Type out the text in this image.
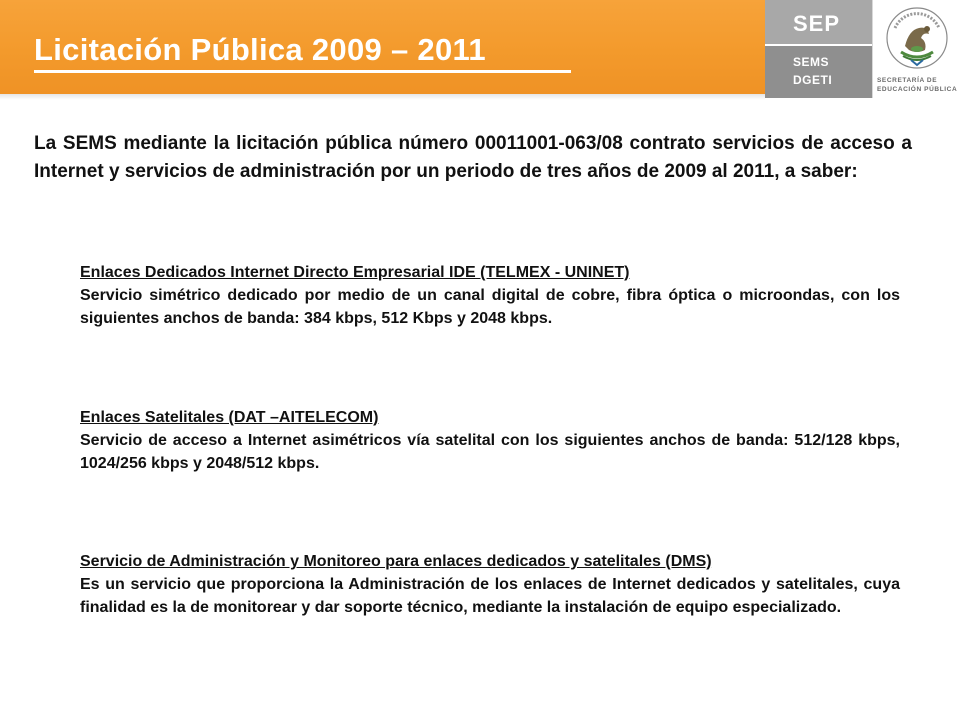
Licitación Pública 2009 – 2011
SEP
SEMS
DGETI	SECRETARÍA DE
EDUCACIÓN PÚBLICA
La SEMS mediante la licitación pública número 00011001-063/08 contrato servicios de acceso a Internet y servicios de administración por un periodo de tres años de 2009 al 2011, a saber:
Enlaces Dedicados Internet Directo Empresarial IDE (TELMEX - UNINET)
Servicio simétrico dedicado por medio de un canal digital de cobre, fibra óptica o microondas, con los siguientes anchos de banda: 384 kbps, 512 Kbps y 2048 kbps.
Enlaces Satelitales (DAT –AITELECOM)
Servicio de acceso a Internet asimétricos vía satelital con los siguientes anchos de banda: 512/128 kbps, 1024/256 kbps y 2048/512 kbps.
Servicio de Administración y Monitoreo para enlaces dedicados y satelitales (DMS)
Es un servicio que proporciona la Administración de los enlaces de Internet dedicados y satelitales, cuya finalidad es la de monitorear y dar soporte técnico, mediante la instalación de equipo especializado.
